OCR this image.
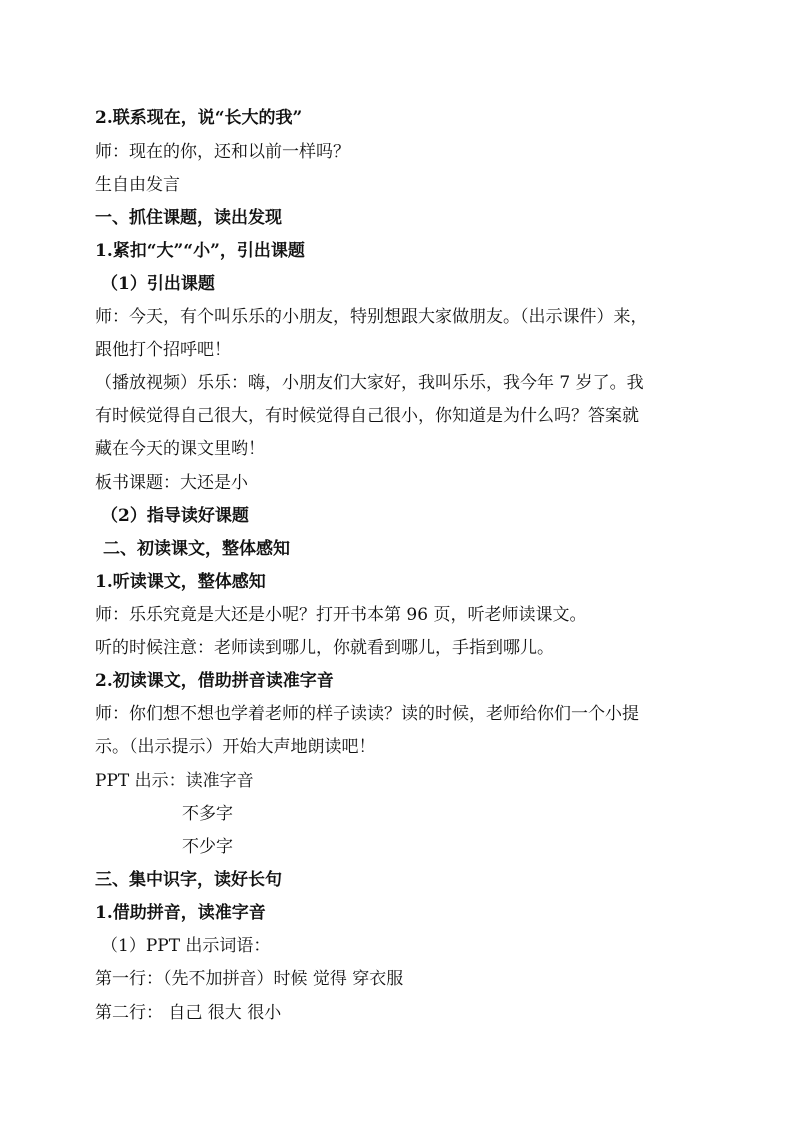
2.联系现在，说“长大的我”
师：现在的你，还和以前一样吗？
生自由发言
一、抓住课题，读出发现
1.紧扣“大”“小”，引出课题
（1）引出课题
师：今天，有个叫乐乐的小朋友，特别想跟大家做朋友。（出示课件）来，
跟他打个招呼吧！
（播放视频）乐乐：嗨，小朋友们大家好，我叫乐乐，我今年 7 岁了。我
有时候觉得自己很大，有时候觉得自己很小，你知道是为什么吗？答案就
藏在今天的课文里哟！
板书课题：大还是小
（2）指导读好课题
二、初读课文，整体感知
1.听读课文，整体感知
师：乐乐究竟是大还是小呢？打开书本第 96 页，听老师读课文。
听的时候注意：老师读到哪儿，你就看到哪儿，手指到哪儿。
2.初读课文，借助拼音读准字音
师：你们想不想也学着老师的样子读读？读的时候，老师给你们一个小提
示。（出示提示）开始大声地朗读吧！
PPT 出示：读准字音
不多字
不少字
三、集中识字，读好长句
1.借助拼音，读准字音
（1）PPT 出示词语：
第一行：（先不加拼音）时候 觉得 穿衣服
第二行： 自己 很大 很小
